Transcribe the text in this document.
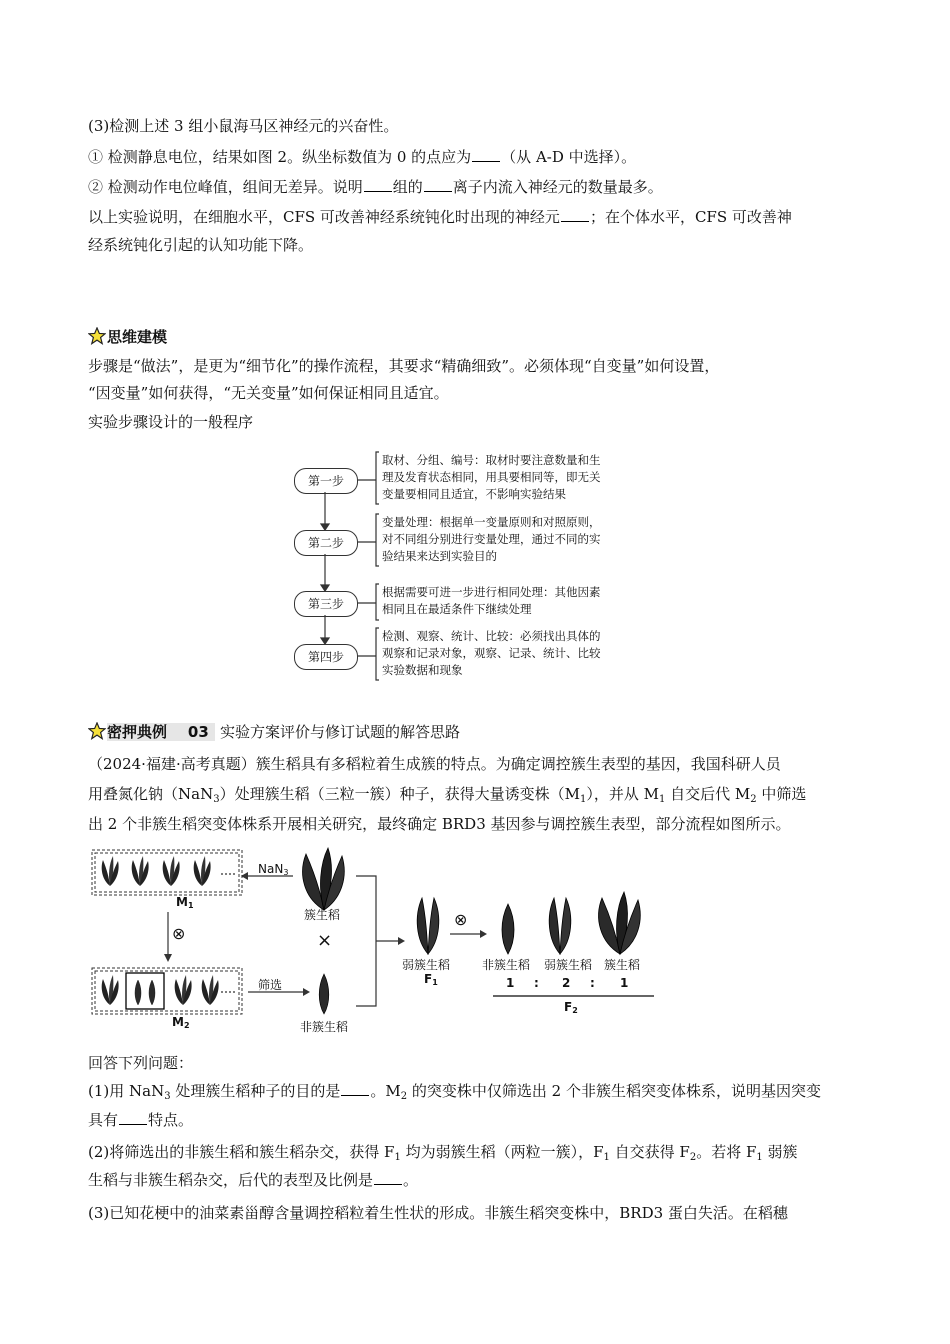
(3)检测上述 3 组小鼠海马区神经元的兴奋性。
① 检测静息电位，结果如图 2。纵坐标数值为 0 的点应为 （从 A-D 中选择）。
② 检测动作电位峰值，组间无差异。说明 组的 离子内流入神经元的数量最多。
以上实验说明，在细胞水平，CFS 可改善神经系统钝化时出现的神经元 ；在个体水平，CFS 可改善神
经系统钝化引起的认知功能下降。
思维建模
步骤是“做法”，是更为“细节化”的操作流程，其要求“精确细致”。必须体现“自变量”如何设置，
“因变量”如何获得，“无关变量”如何保证相同且适宜。
实验步骤设计的一般程序
第一步
第二步
第三步
第四步
取材、分组、编号：取材时要注意数量和生
理及发育状态相同，用具要相同等，即无关
变量要相同且适宜，不影响实验结果
变量处理：根据单一变量原则和对照原则，
对不同组分别进行变量处理，通过不同的实
验结果来达到实验目的
根据需要可进一步进行相同处理：其他因素
相同且在最适条件下继续处理
检测、观察、统计、比较：必须找出具体的
观察和记录对象，观察、记录、统计、比较
实验数据和现象
密押典例 03 实验方案评价与修订试题的解答思路
（2024·福建·高考真题）簇生稻具有多稻粒着生成簇的特点。为确定调控簇生表型的基因，我国科研人员
用叠氮化钠（NaN$_3$）处理簇生稻（三粒一簇）种子，获得大量诱变株$(M_1)$，并从 $M_1$ 自交后代 $M_2$ 中筛选
出 2 个非簇生稻突变体株系开展相关研究，最终确定 BRD3 基因参与调控簇生表型，部分流程如图所示。
NaN$_3$
$M_1$
⊗
$M_2$
筛选
簇生稻
×
非簇生稻
弱簇生稻
$F_1$
⊗
非簇生稻 弱簇生稻 簇生稻
1 : 2 : 1
$F_2$
回答下列问题：
(1)用 NaN$_3$ 处理簇生稻种子的目的是 。$M_2$ 的突变株中仅筛选出 2 个非簇生稻突变体株系，说明基因突变
具有 特点。
(2)将筛选出的非簇生稻和簇生稻杂交，获得 $F_1$ 均为弱簇生稻（两粒一簇），$F_1$ 自交获得 $F_2$。若将 $F_1$ 弱簇
生稻与非簇生稻杂交，后代的表型及比例是 。
(3)已知花梗中的油菜素甾醇含量调控稻粒着生性状的形成。非簇生稻突变株中，BRD3 蛋白失活。在稻穗
